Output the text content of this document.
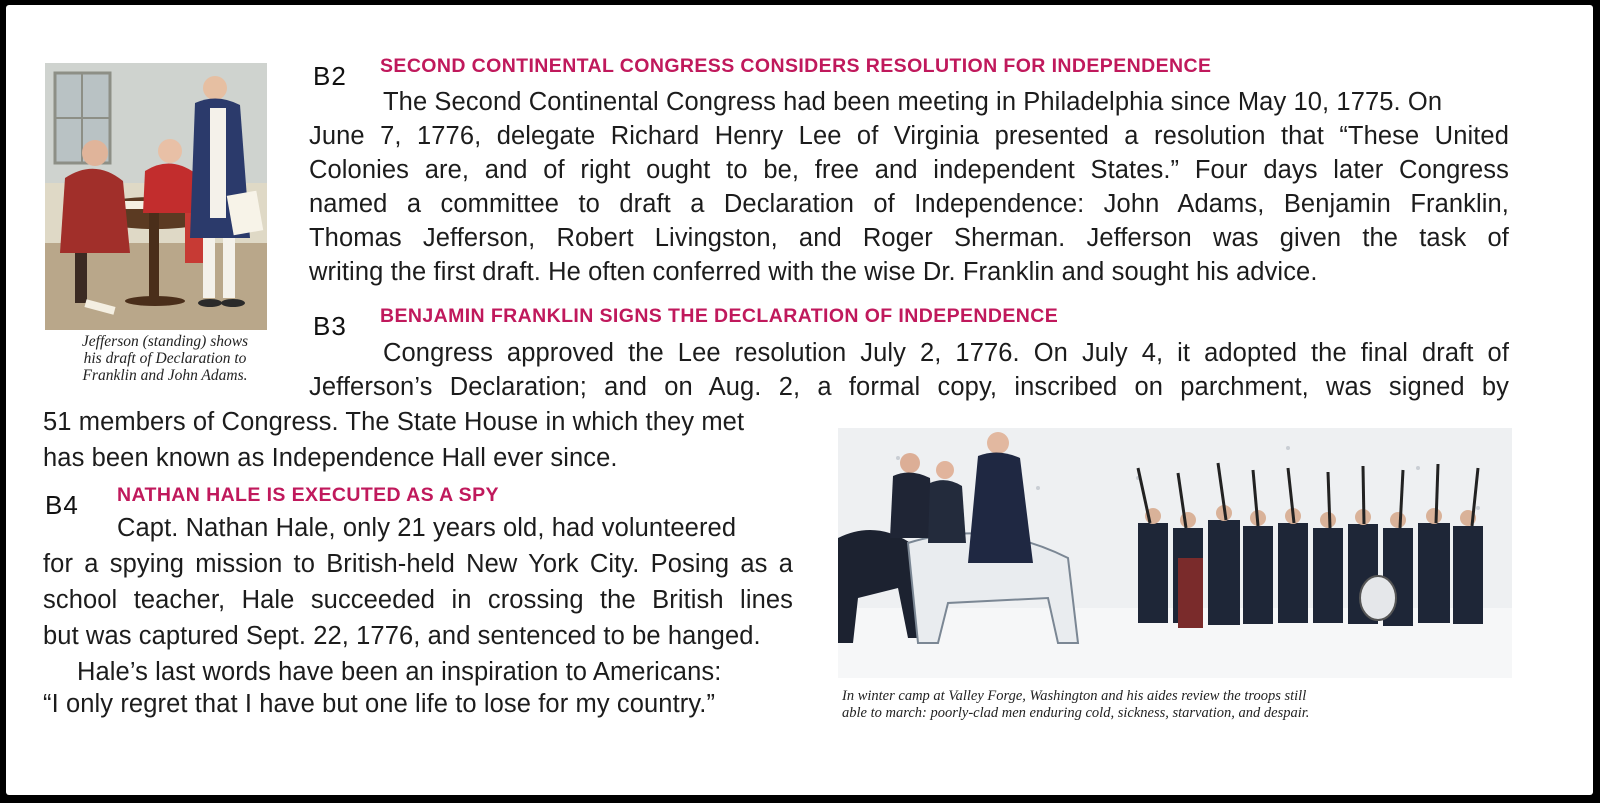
Jefferson (standing) shows
his draft of Declaration to
Franklin and John Adams.
B2 SECOND CONTINENTAL CONGRESS CONSIDERS RESOLUTION FOR INDEPENDENCE
The Second Continental Congress had been meeting in Philadelphia since May 10, 1775. On
June 7, 1776, delegate Richard Henry Lee of Virginia presented a resolution that “These United
Colonies are, and of right ought to be, free and independent States.” Four days later Congress
named a committee to draft a Declaration of Independence: John Adams, Benjamin Franklin,
Thomas Jefferson, Robert Livingston, and Roger Sherman. Jefferson was given the task of
writing the first draft. He often conferred with the wise Dr. Franklin and sought his advice.
B3 BENJAMIN FRANKLIN SIGNS THE DECLARATION OF INDEPENDENCE
Congress approved the Lee resolution July 2, 1776. On July 4, it adopted the final draft of
Jefferson’s Declaration; and on Aug. 2, a formal copy, inscribed on parchment, was signed by
51 members of Congress. The State House in which they met
has been known as Independence Hall ever since.
B4 NATHAN HALE IS EXECUTED AS A SPY
Capt. Nathan Hale, only 21 years old, had volunteered
for a spying mission to British-held New York City. Posing as a
school teacher, Hale succeeded in crossing the British lines
but was captured Sept. 22, 1776, and sentenced to be hanged.
Hale’s last words have been an inspiration to Americans:
“I only regret that I have but one life to lose for my country.”	In winter camp at Valley Forge, Washington and his aides review the troops still
able to march: poorly-clad men enduring cold, sickness, starvation, and despair.
